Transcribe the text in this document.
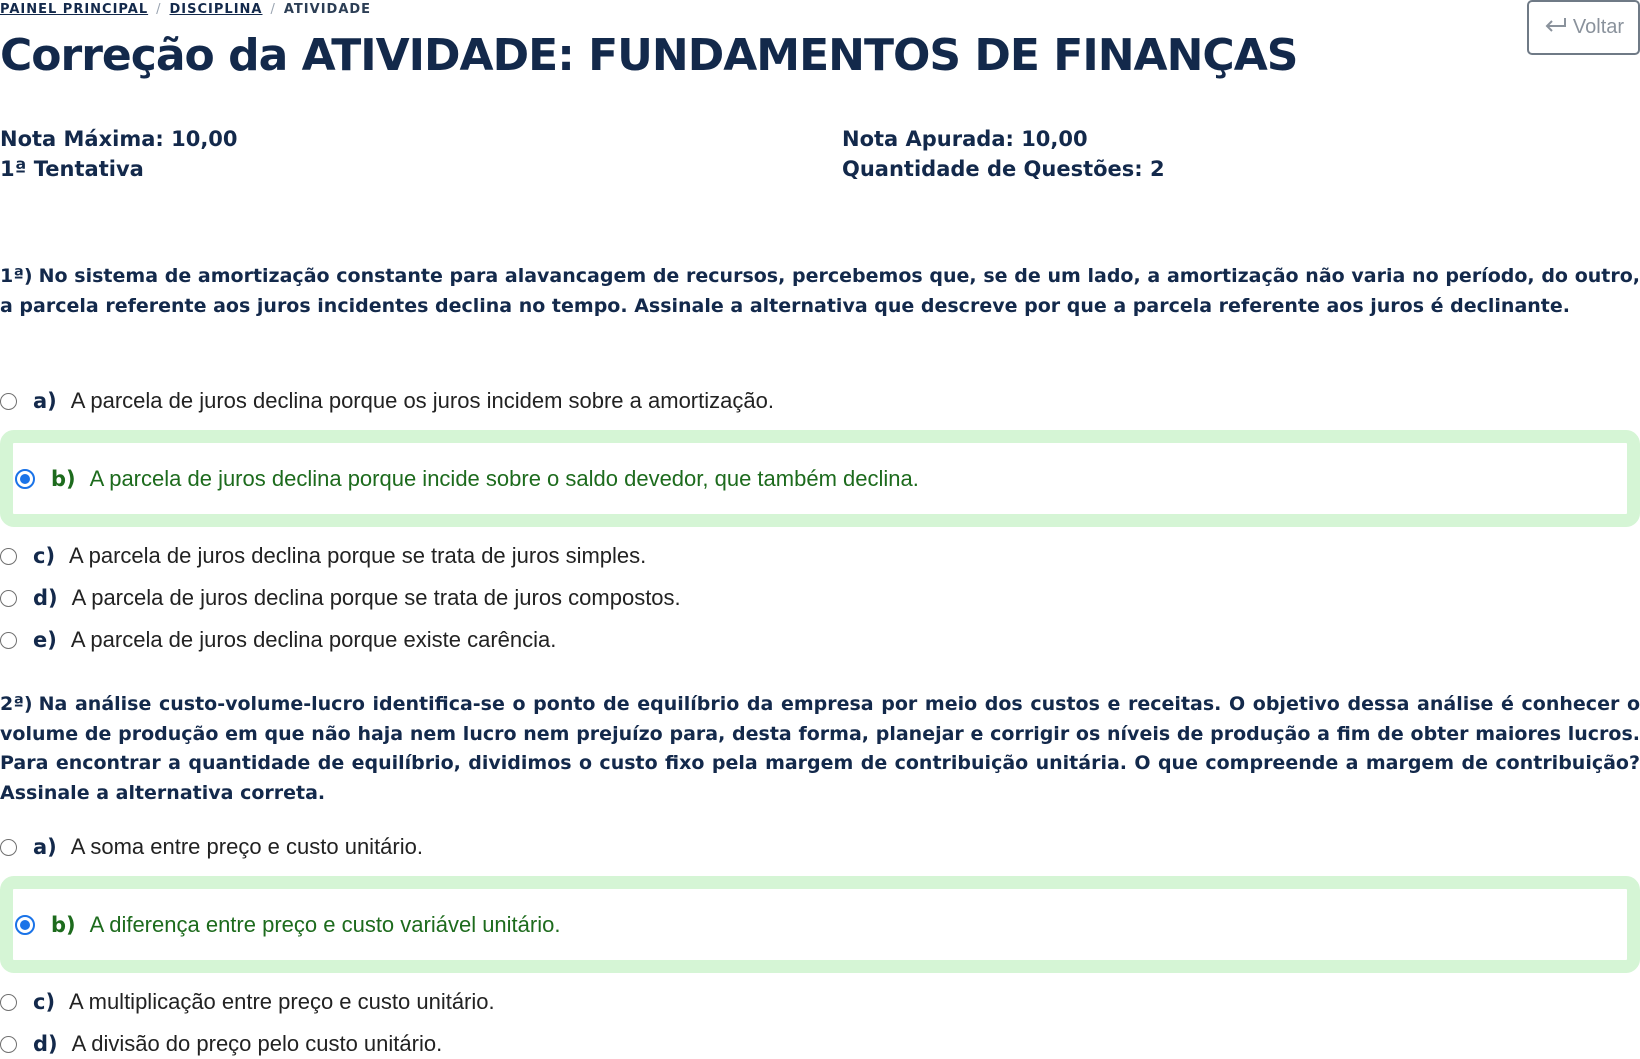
PAINEL PRINCIPAL / DISCIPLINA / ATIVIDADE
Voltar
Correção da ATIVIDADE: FUNDAMENTOS DE FINANÇAS
Nota Máxima: 10,00
1ª Tentativa
Nota Apurada: 10,00
Quantidade de Questões: 2

1ª) No sistema de amortização constante para alavancagem de recursos, percebemos que, se de um lado, a amortização não varia no período, do outro, a parcela referente aos juros incidentes declina no tempo. Assinale a alternativa que descreve por que a parcela referente aos juros é declinante.

a) A parcela de juros declina porque os juros incidem sobre a amortização.
b) A parcela de juros declina porque incide sobre o saldo devedor, que também declina.
c) A parcela de juros declina porque se trata de juros simples.
d) A parcela de juros declina porque se trata de juros compostos.
e) A parcela de juros declina porque existe carência.

2ª) Na análise custo-volume-lucro identifica-se o ponto de equilíbrio da empresa por meio dos custos e receitas. O objetivo dessa análise é conhecer o volume de produção em que não haja nem lucro nem prejuízo para, desta forma, planejar e corrigir os níveis de produção a fim de obter maiores lucros. Para encontrar a quantidade de equilíbrio, dividimos o custo fixo pela margem de contribuição unitária. O que compreende a margem de contribuição? Assinale a alternativa correta.

a) A soma entre preço e custo unitário.
b) A diferença entre preço e custo variável unitário.
c) A multiplicação entre preço e custo unitário.
d) A divisão do preço pelo custo unitário.
